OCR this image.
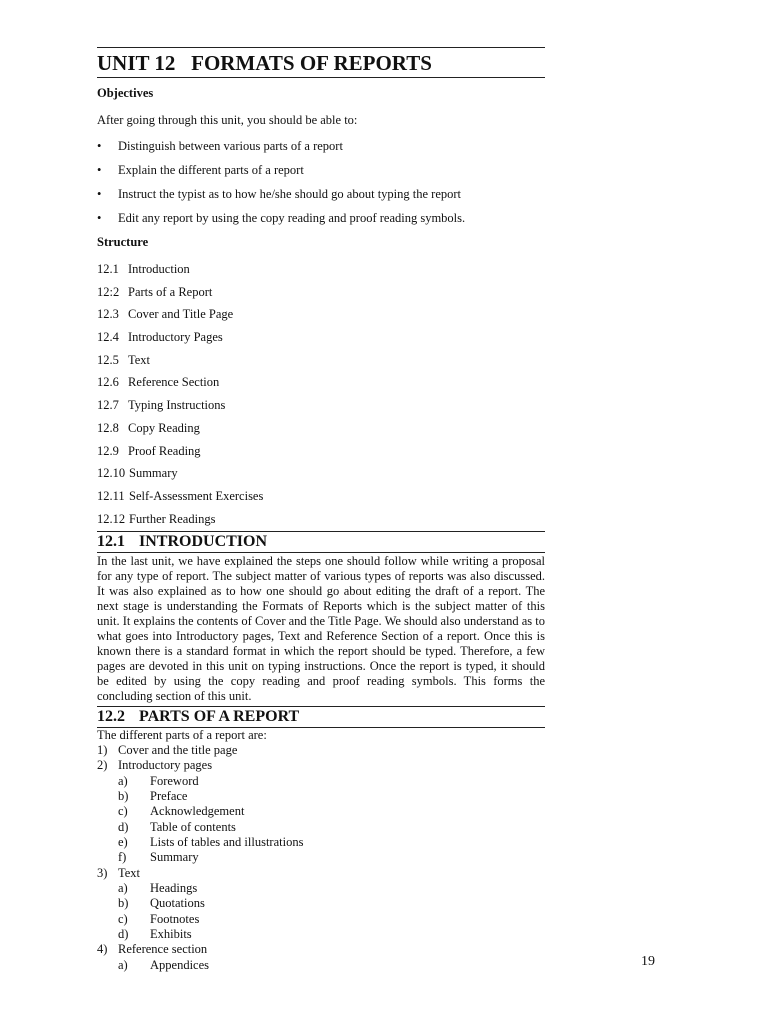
UNIT 12   FORMATS OF REPORTS
Objectives
After going through this unit, you should be able to:
• Distinguish between various parts of a report
• Explain the different parts of a report
• Instruct the typist as to how he/she should go about typing the report
• Edit any report by using the copy reading and proof reading symbols.
Structure
12.1 Introduction
12:2 Parts of a Report
12.3 Cover and Title Page
12.4 Introductory Pages
12.5 Text
12.6 Reference Section
12.7 Typing Instructions
12.8 Copy Reading
12.9 Proof Reading
12.10 Summary
12.11 Self-Assessment Exercises
12.12 Further Readings
12.1 INTRODUCTION
In the last unit, we have explained the steps one should follow while writing a proposal for any type of report. The subject matter of various types of reports was also discussed. It was also explained as to how one should go about editing the draft of a report. The next stage is understanding the Formats of Reports which is the subject matter of this unit. It explains the contents of Cover and the Title Page. We should also understand as to what goes into Introductory pages, Text and Reference Section of a report. Once this is known there is a standard format in which the report should be typed. Therefore, a few pages are devoted in this unit on typing instructions. Once the report is typed, it should be edited by using the copy reading and proof reading symbols. This forms the concluding section of this unit.
12.2 PARTS OF A REPORT
The different parts of a report are:
1) Cover and the title page
2) Introductory pages
a) Foreword
b) Preface
c) Acknowledgement
d) Table of contents
e) Lists of tables and illustrations
f) Summary
3) Text
a) Headings
b) Quotations
c) Footnotes
d) Exhibits
4) Reference section
a) Appendices	19
